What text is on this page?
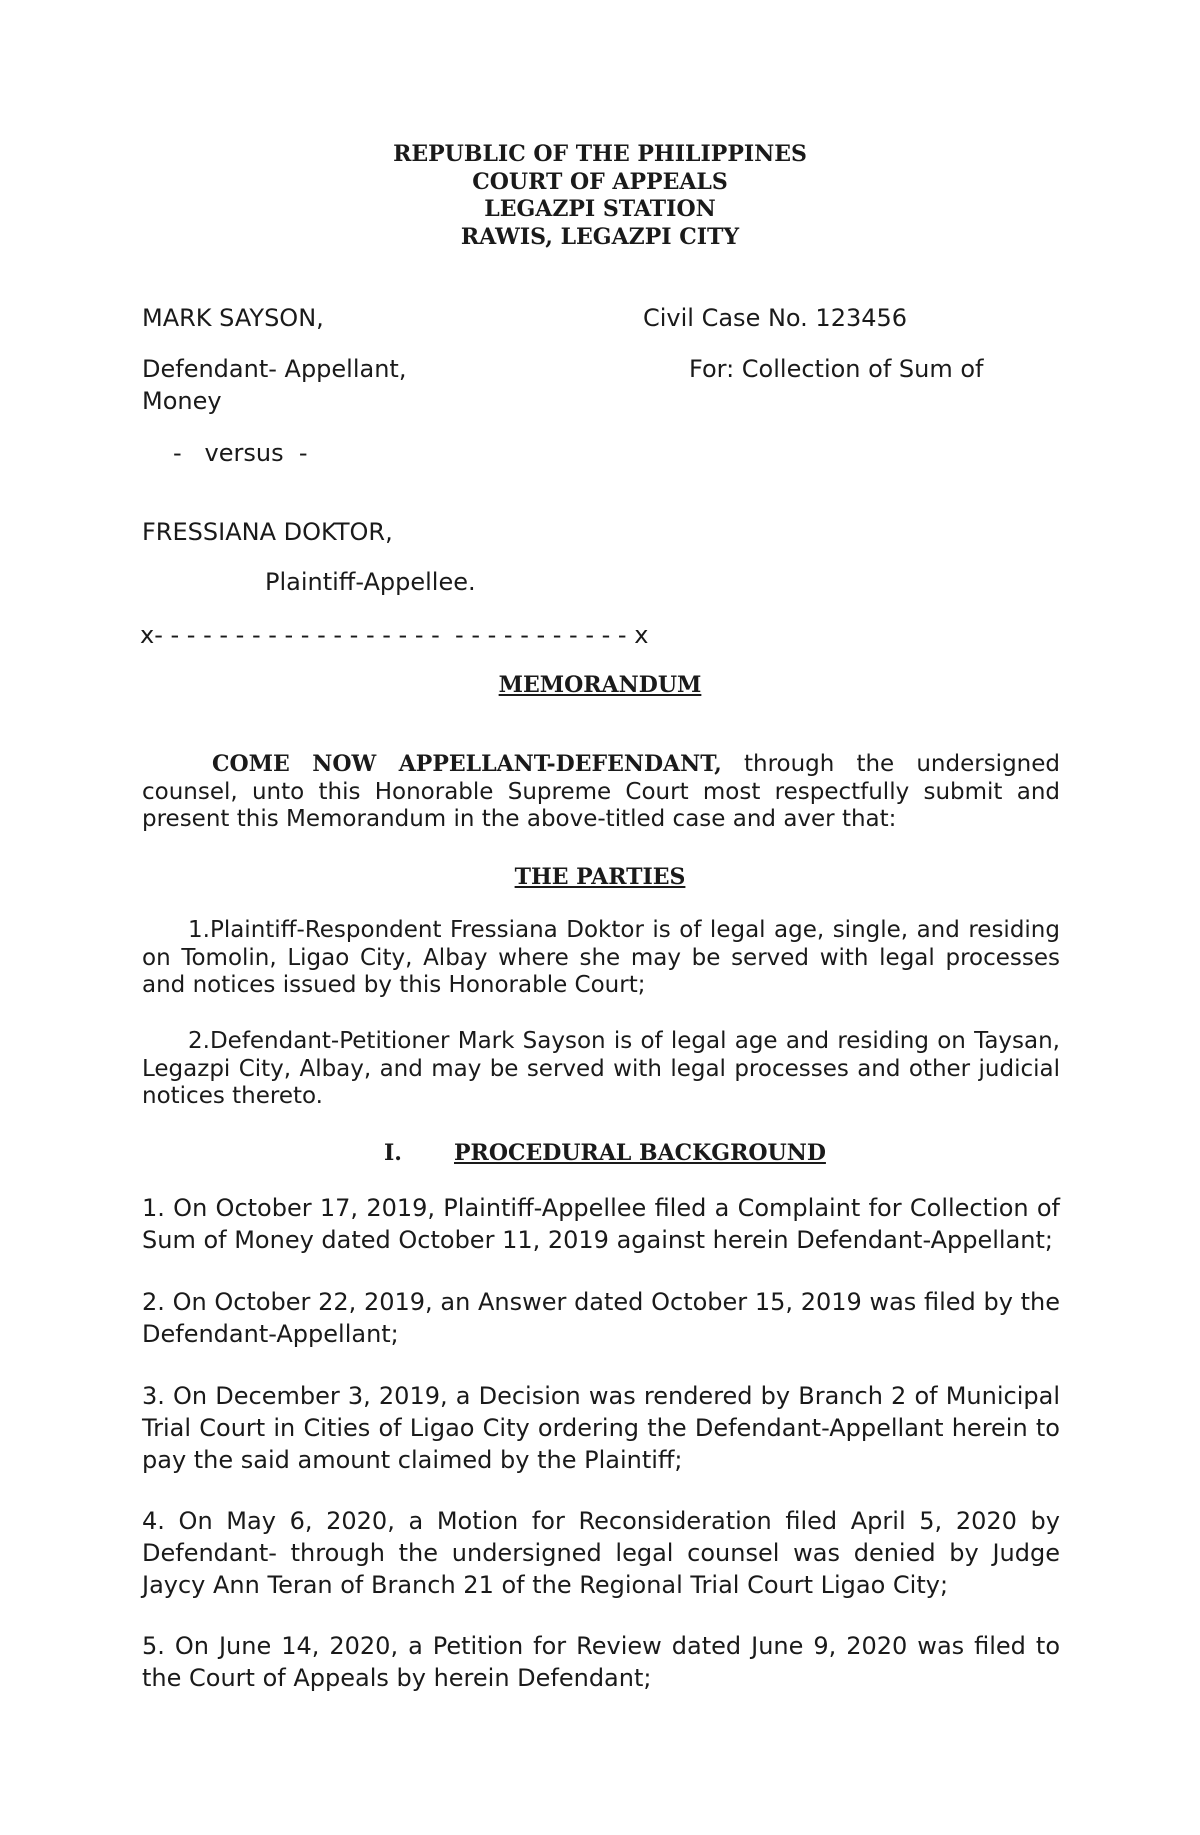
REPUBLIC OF THE PHILIPPINES
COURT OF APPEALS
LEGAZPI STATION
RAWIS, LEGAZPI CITY
MARK SAYSON,	Civil Case No. 123456
Defendant- Appellant,	For: Collection of Sum of
Money
-   versus  -
FRESSIANA DOKTOR,
Plaintiff-Appellee.
x- - - - - - - - - - - - - - - - - -  - - - - - - - - - - - x
MEMORANDUM
COME NOW APPELLANT-DEFENDANT, through the undersigned counsel, unto this Honorable Supreme Court most respectfully submit and present this Memorandum in the above-titled case and aver that:
THE PARTIES
1.Plaintiff-Respondent Fressiana Doktor is of legal age, single, and residing on Tomolin, Ligao City, Albay where she may be served with legal processes and notices issued by this Honorable Court;
2.Defendant-Petitioner Mark Sayson is of legal age and residing on Taysan, Legazpi City, Albay, and may be served with legal processes and other judicial notices thereto.
I. PROCEDURAL BACKGROUND
1. On October 17, 2019, Plaintiff-Appellee filed a Complaint for Collection of Sum of Money dated October 11, 2019 against herein Defendant-Appellant;
2. On October 22, 2019, an Answer dated October 15, 2019 was filed by the Defendant-Appellant;
3. On December 3, 2019, a Decision was rendered by Branch 2 of Municipal Trial Court in Cities of Ligao City ordering the Defendant-Appellant herein to pay the said amount claimed by the Plaintiff;
4. On May 6, 2020, a Motion for Reconsideration filed April 5, 2020 by Defendant- through the undersigned legal counsel was denied by Judge Jaycy Ann Teran of Branch 21 of the Regional Trial Court Ligao City;
5. On June 14, 2020, a Petition for Review dated June 9, 2020 was filed to the Court of Appeals by herein Defendant;
